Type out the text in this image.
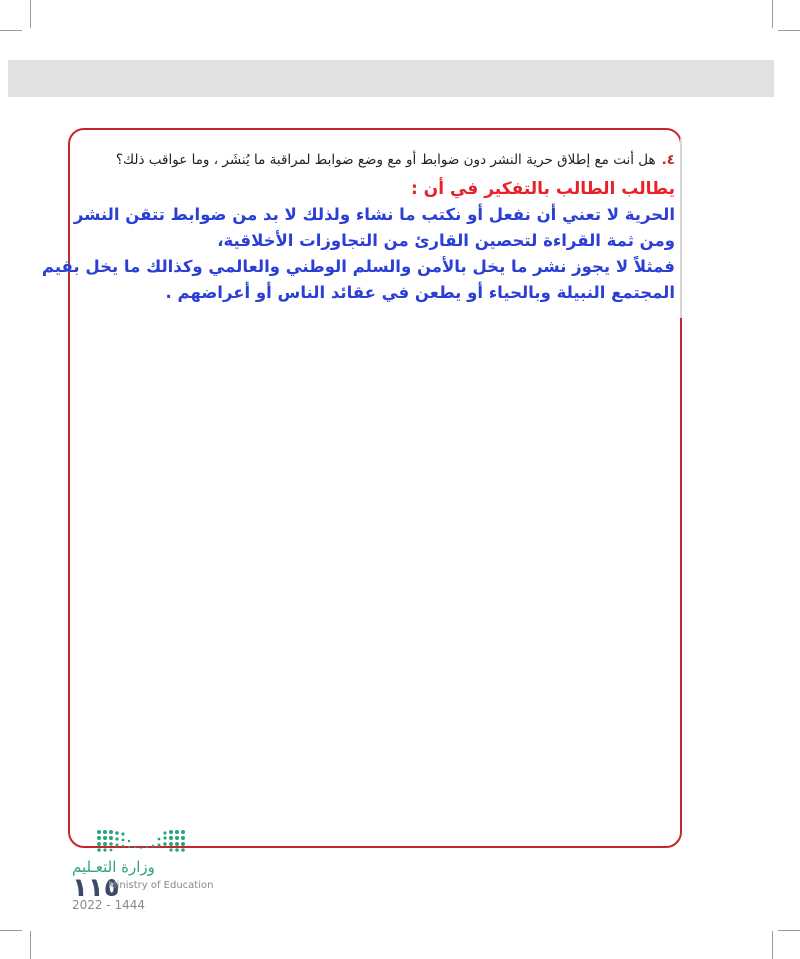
٤.هل أنت مع إطلاق حرية النشر دون ضوابط أو مع وضع ضوابط لمراقبة ما يُنشَر ، وما عواقب ذلك؟
يطالب الطالب بالتفكير في أن :
الحرية لا تعني أن نفعل أو نكتب ما نشاء ولذلك لا بد من ضوابط تتقن النشر
ومن ثمة القراءة لتحصين القارئ من التجاوزات الأخلاقية،
فمثلاً لا يجوز نشر ما يخل بالأمن والسلم الوطني والعالمي وكذالك ما يخل بقيم
المجتمع النبيلة وبالحياء أو يطعن في عقائد الناس أو أعراضهم .
وزارة التعـليم
١١٥
Ministry of Education
2022 - 1444
